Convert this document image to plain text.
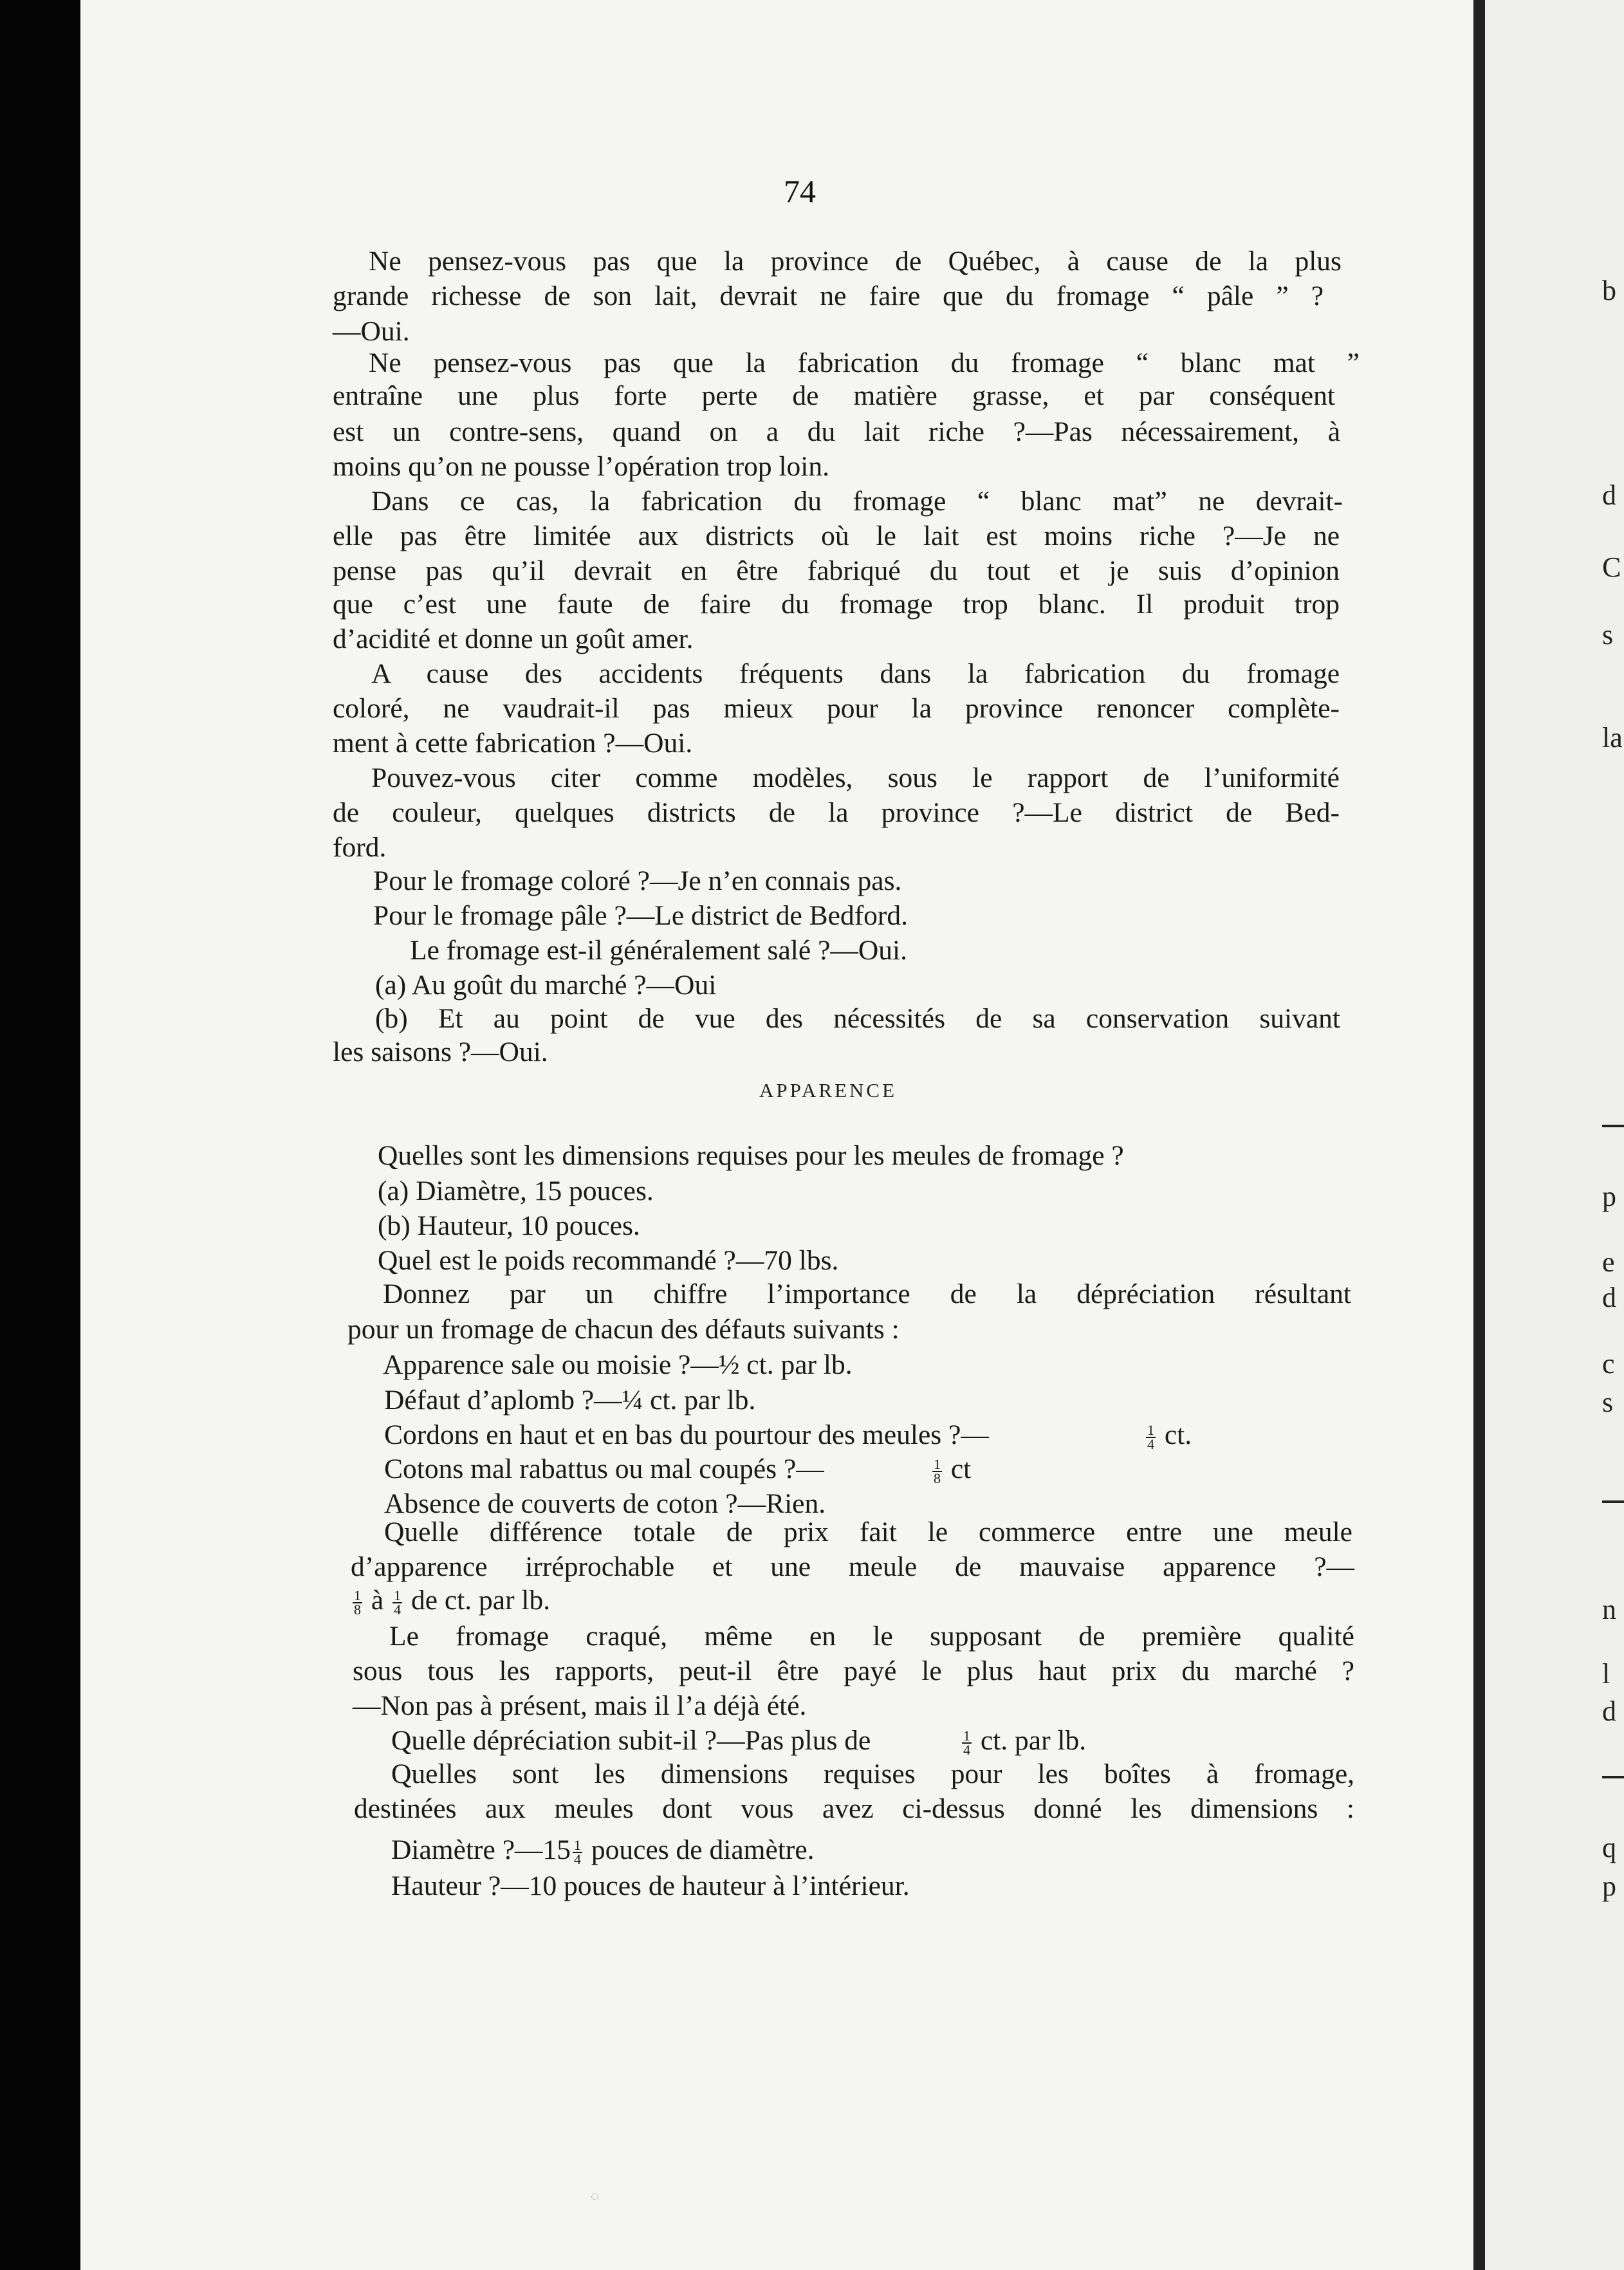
74
APPARENCE
Ne pensez-vous pas que la province de Québec, à cause de la plus
grande richesse de son lait, devrait ne faire que du fromage “ pâle ” ?
—Oui.
Ne pensez-vous pas que la fabrication du fromage “ blanc mat ”
entraîne une plus forte perte de matière grasse, et par conséquent
est un contre-sens, quand on a du lait riche ?—Pas nécessairement, à
moins qu’on ne pousse l’opération trop loin.
Dans ce cas, la fabrication du fromage “ blanc mat” ne devrait-
elle pas être limitée aux districts où le lait est moins riche ?—Je ne
pense pas qu’il devrait en être fabriqué du tout et je suis d’opinion
que c’est une faute de faire du fromage trop blanc. Il produit trop
d’acidité et donne un goût amer.
A cause des accidents fréquents dans la fabrication du fromage
coloré, ne vaudrait-il pas mieux pour la province renoncer complète-
ment à cette fabrication ?—Oui.
Pouvez-vous citer comme modèles, sous le rapport de l’uniformité
de couleur, quelques districts de la province ?—Le district de Bed-
ford.
Pour le fromage coloré ?—Je n’en connais pas.
Pour le fromage pâle ?—Le district de Bedford.
Le fromage est-il généralement salé ?—Oui.
(a) Au goût du marché ?—Oui
(b) Et au point de vue des nécessités de sa conservation suivant
les saisons ?—Oui.
Quelles sont les dimensions requises pour les meules de fromage ?
(a) Diamètre, 15 pouces.
(b) Hauteur, 10 pouces.
Quel est le poids recommandé ?—70 lbs.
Donnez par un chiffre l’importance de la dépréciation résultant
pour un fromage de chacun des défauts suivants :
Apparence sale ou moisie ?—½ ct. par lb.
Défaut d’aplomb ?—¼ ct. par lb.
Cordons en haut et en bas du pourtour des meules ?—
Cotons mal rabattus ou mal coupés ?—
Absence de couverts de coton ?—Rien.
Quelle différence totale de prix fait le commerce entre une meule
d’apparence irréprochable et une meule de mauvaise apparence ?—
Le fromage craqué, même en le supposant de première qualité
sous tous les rapports, peut-il être payé le plus haut prix du marché ?
—Non pas à présent, mais il l’a déjà été.
Quelle dépréciation subit-il ?—Pas plus de
Quelles sont les dimensions requises pour les boîtes à fromage,
destinées aux meules dont vous avez ci-dessus donné les dimensions :
Hauteur ?—10 pouces de hauteur à l’intérieur.
$\frac{1}{4}$ ct.
$\frac{1}{8}$ ct
$\frac{1}{8}$ à $\frac{1}{4}$ de ct. par lb.
$\frac{1}{4}$ ct. par lb.
Diamètre ?—15 $\frac{1}{4}$ pouces de diamètre.
◌
b
d
C
s
la
p
e
d
c
s
n
l
d
q
p
